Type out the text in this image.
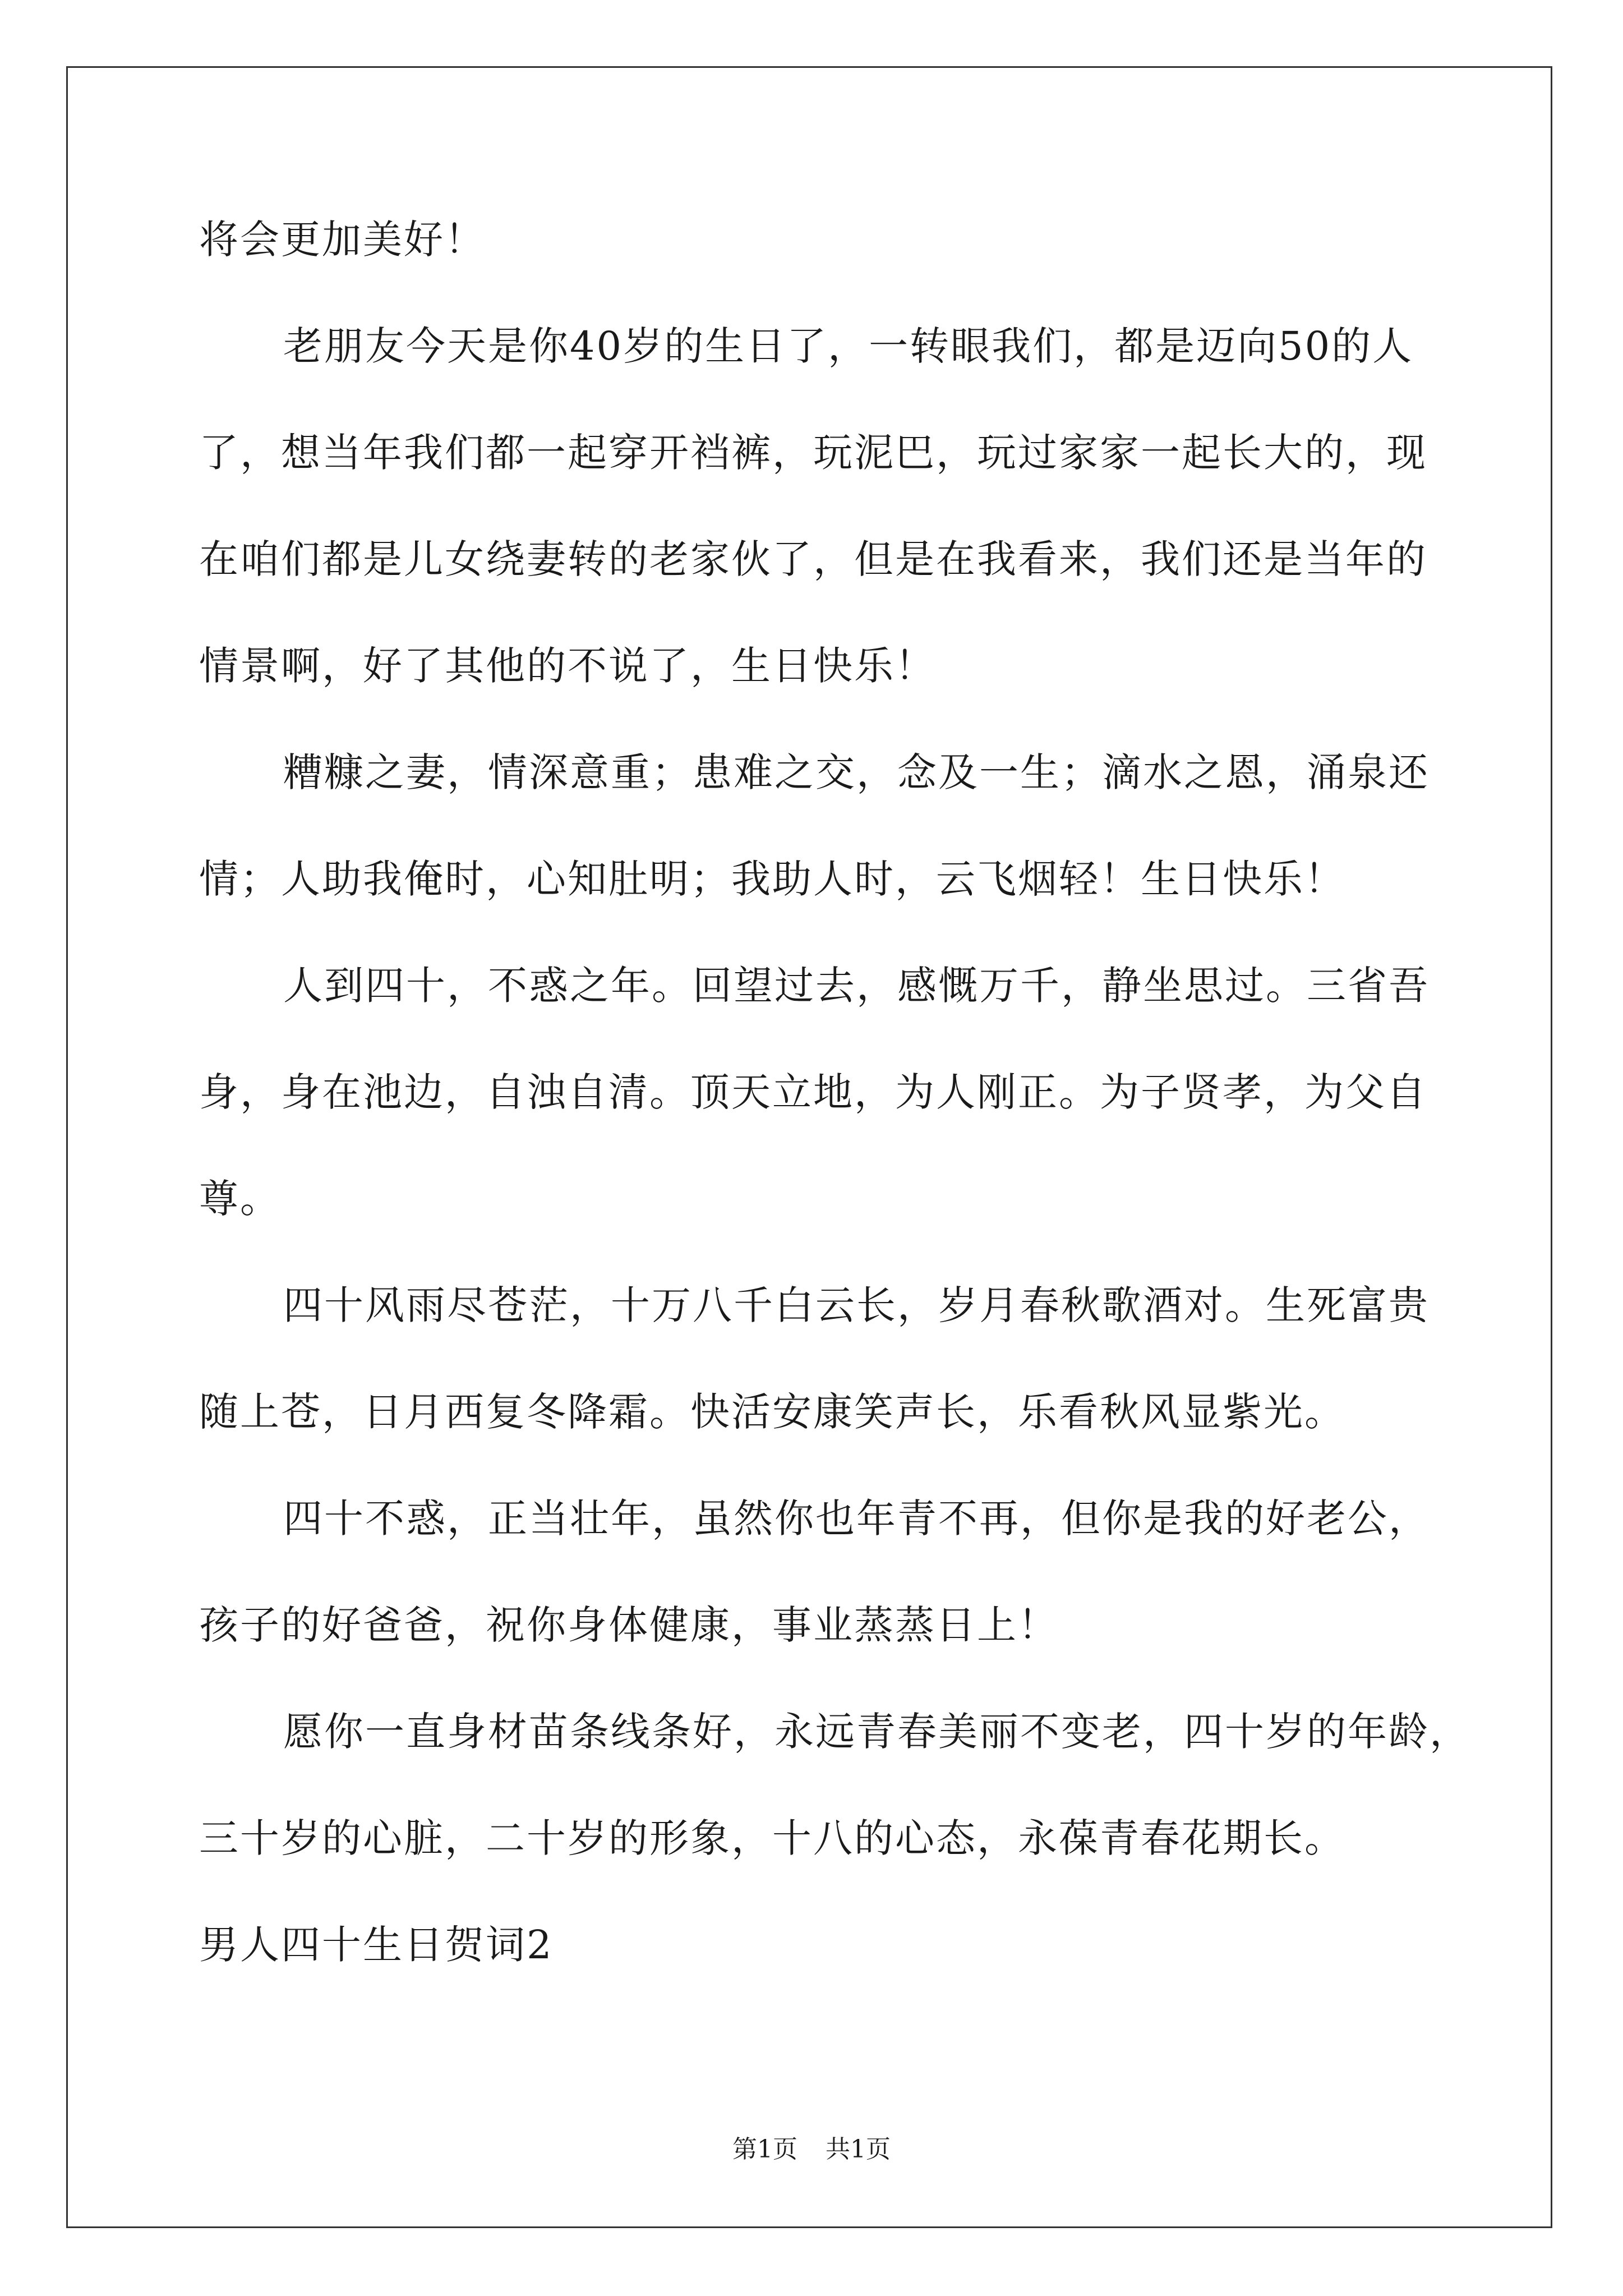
将会更加美好！
老朋友今天是你40岁的生日了，一转眼我们，都是迈向50的人
了，想当年我们都一起穿开裆裤，玩泥巴，玩过家家一起长大的，现
在咱们都是儿女绕妻转的老家伙了，但是在我看来，我们还是当年的
情景啊，好了其他的不说了，生日快乐！
糟糠之妻，情深意重；患难之交，念及一生；滴水之恩，涌泉还
情；人助我俺时，心知肚明；我助人时，云飞烟轻！生日快乐！
人到四十，不惑之年。回望过去，感慨万千，静坐思过。三省吾
身，身在池边，自浊自清。顶天立地，为人刚正。为子贤孝，为父自
尊。
四十风雨尽苍茫，十万八千白云长，岁月春秋歌酒对。生死富贵
随上苍，日月西复冬降霜。快活安康笑声长，乐看秋风显紫光。
四十不惑，正当壮年，虽然你也年青不再，但你是我的好老公，
孩子的好爸爸，祝你身体健康，事业蒸蒸日上！
愿你一直身材苗条线条好，永远青春美丽不变老，四十岁的年龄，
三十岁的心脏，二十岁的形象，十八的心态，永葆青春花期长。
男人四十生日贺词2
第1页 共1页
